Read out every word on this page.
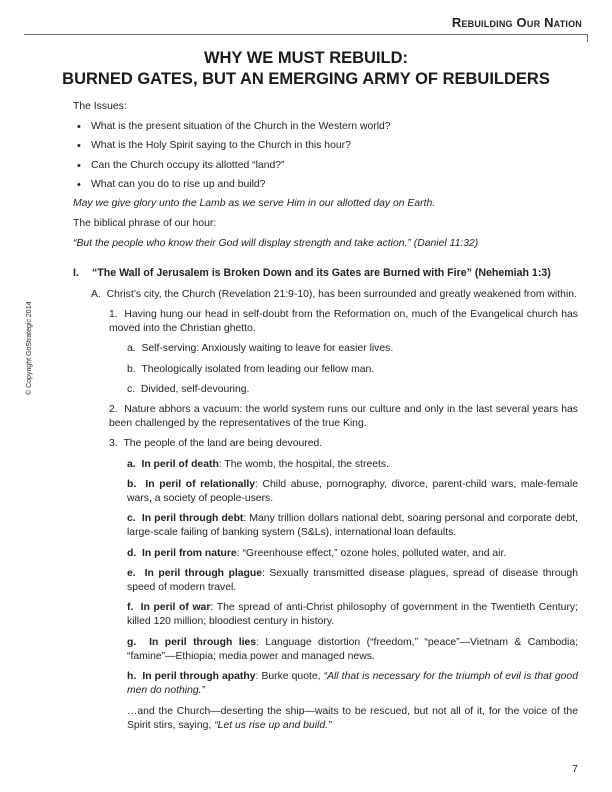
Rebuilding Our Nation
WHY WE MUST REBUILD:
BURNED GATES, BUT AN EMERGING ARMY OF REBUILDERS
© Copyright GoStrategic 2014
The Issues:
• What is the present situation of the Church in the Western world?
• What is the Holy Spirit saying to the Church in this hour?
• Can the Church occupy its allotted “land?”
• What can you do to rise up and build?
May we give glory unto the Lamb as we serve Him in our allotted day on Earth.
The biblical phrase of our hour:
“But the people who know their God will display strength and take action.” (Daniel 11:32)
I.	“The Wall of Jerusalem is Broken Down and its Gates are Burned with Fire” (Nehemiah 1:3)
A.  Christ’s city, the Church (Revelation 21:9-10), has been surrounded and greatly weakened from within.
1.  Having hung our head in self-doubt from the Reformation on, much of the Evangelical church has moved into the Christian ghetto.
a.  Self-serving: Anxiously waiting to leave for easier lives.
b.  Theologically isolated from leading our fellow man.
c.  Divided, self-devouring.
2.  Nature abhors a vacuum: the world system runs our culture and only in the last several years has been challenged by the representatives of the true King.
3.  The people of the land are being devoured.
a.  In peril of death: The womb, the hospital, the streets.
b.  In peril of relationally: Child abuse, pornography, divorce, parent-child wars, male-female wars, a society of people-users.
c.  In peril through debt: Many trillion dollars national debt, soaring personal and corporate debt, large-scale failing of banking system (S&Ls), international loan defaults.
d.  In peril from nature: “Greenhouse effect,” ozone holes, polluted water, and air.
e.  In peril through plague: Sexually transmitted disease plagues, spread of disease through speed of modern travel.
f.  In peril of war: The spread of anti-Christ philosophy of government in the Twentieth Century; killed 120 million; bloodiest century in history.
g.  In peril through lies: Language distortion (“freedom,” “peace”—Vietnam & Cambodia; “famine”—Ethiopia; media power and managed news.
h.  In peril through apathy: Burke quote, “All that is necessary for the triumph of evil is that good men do nothing.”
…and the Church—deserting the ship—waits to be rescued, but not all of it, for the voice of the Spirit stirs, saying, “Let us rise up and build.”
7
